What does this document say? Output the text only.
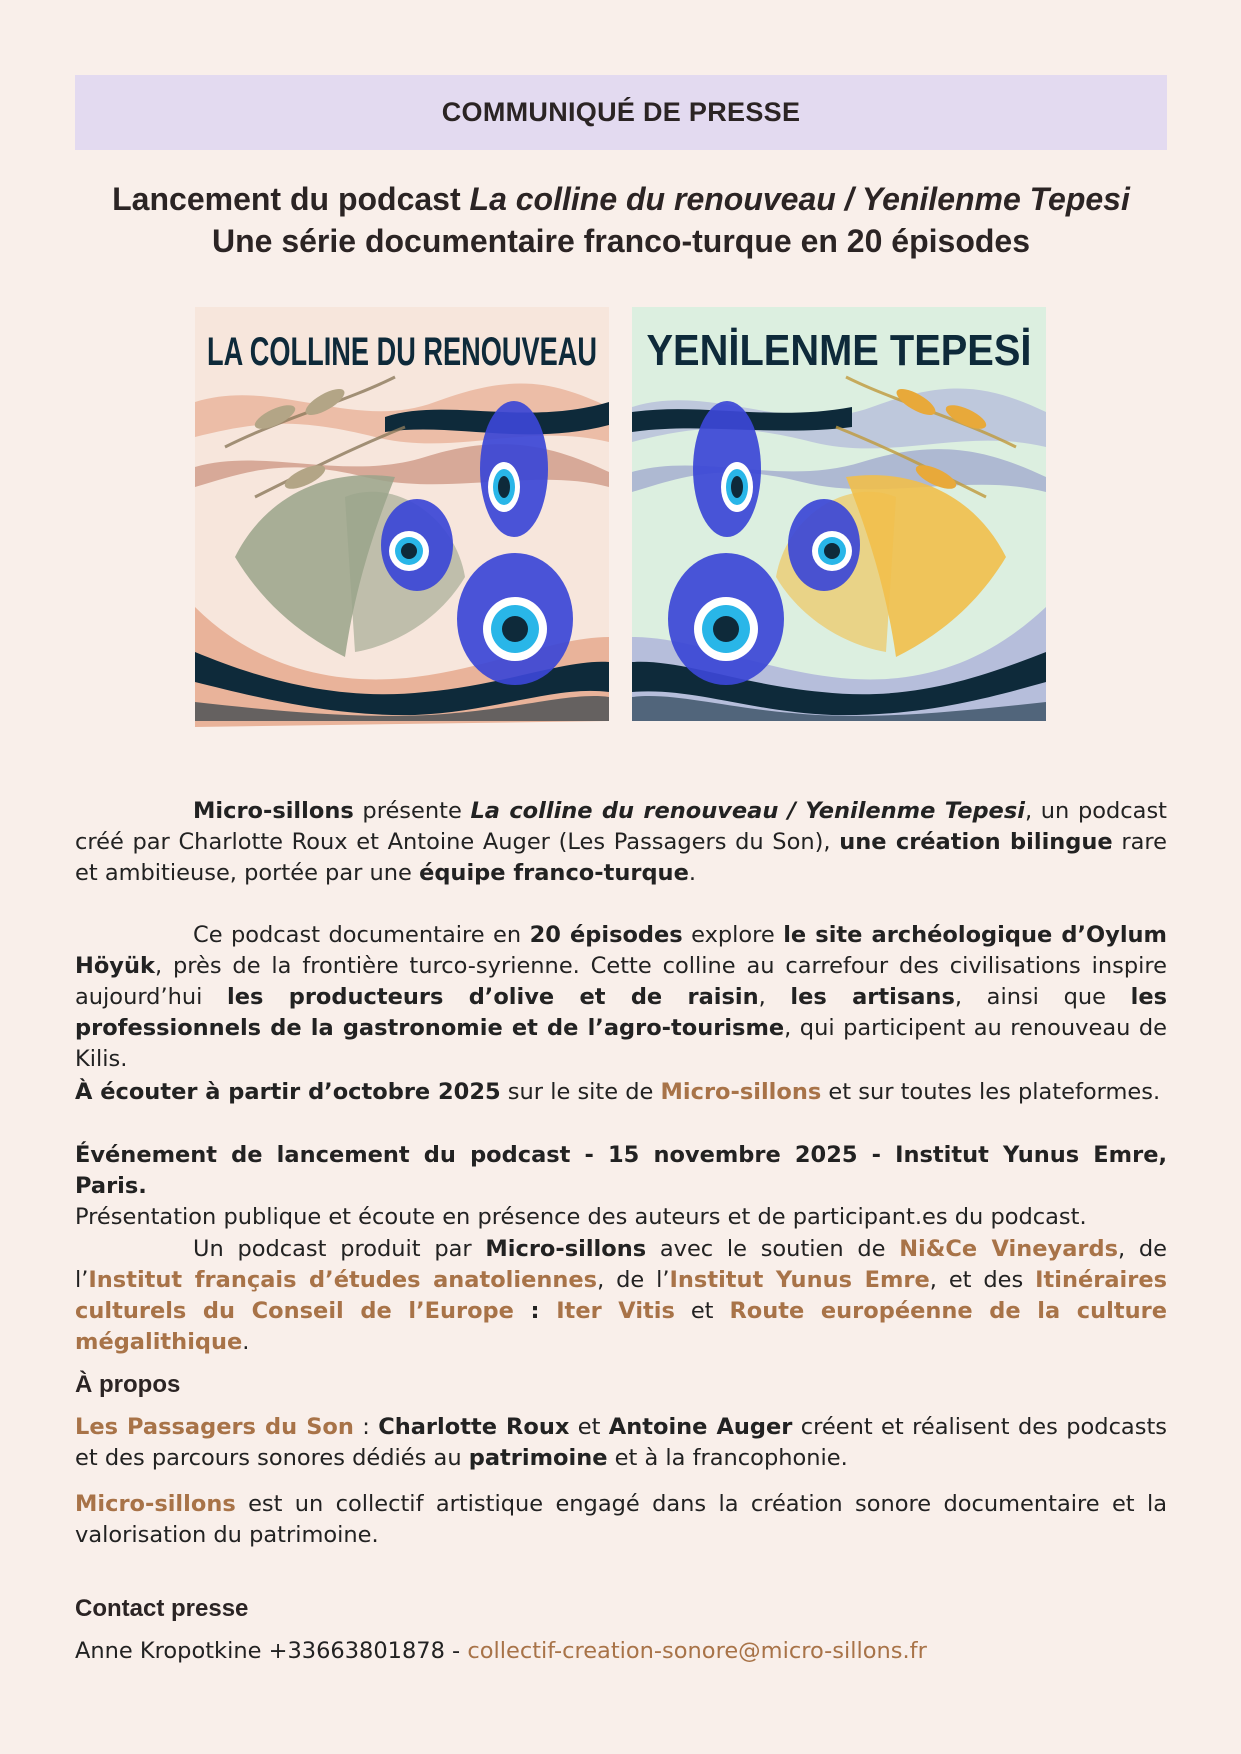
COMMUNIQUÉ DE PRESSE
Lancement du podcast La colline du renouveau / Yenilenme Tepesi
Une série documentaire franco-turque en 20 épisodes
LA COLLINE DU RENOUVEAU YENİLENME TEPESİ

Micro-sillons présente La colline du renouveau / Yenilenme Tepesi, un podcast créé par Charlotte Roux et Antoine Auger (Les Passagers du Son), une création bilingue rare et ambitieuse, portée par une équipe franco-turque.

Ce podcast documentaire en 20 épisodes explore le site archéologique d’Oylum Höyük, près de la frontière turco-syrienne. Cette colline au carrefour des civilisations inspire aujourd’hui les producteurs d’olive et de raisin, les artisans, ainsi que les professionnels de la gastronomie et de l’agro-tourisme, qui participent au renouveau de Kilis.

À écouter à partir d’octobre 2025 sur le site de Micro-sillons et sur toutes les plateformes.

Événement de lancement du podcast - 15 novembre 2025 - Institut Yunus Emre, Paris.

Présentation publique et écoute en présence des auteurs et de participant.es du podcast.

Un podcast produit par Micro-sillons avec le soutien de Ni&Ce Vineyards, de l’Institut français d’études anatoliennes, de l’Institut Yunus Emre, et des Itinéraires culturels du Conseil de l’Europe : Iter Vitis et Route européenne de la culture mégalithique.

À propos

Les Passagers du Son : Charlotte Roux et Antoine Auger créent et réalisent des podcasts et des parcours sonores dédiés au patrimoine et à la francophonie.

Micro-sillons est un collectif artistique engagé dans la création sonore documentaire et la valorisation du patrimoine.

Contact presse

Anne Kropotkine +33663801878 - collectif-creation-sonore@micro-sillons.fr
